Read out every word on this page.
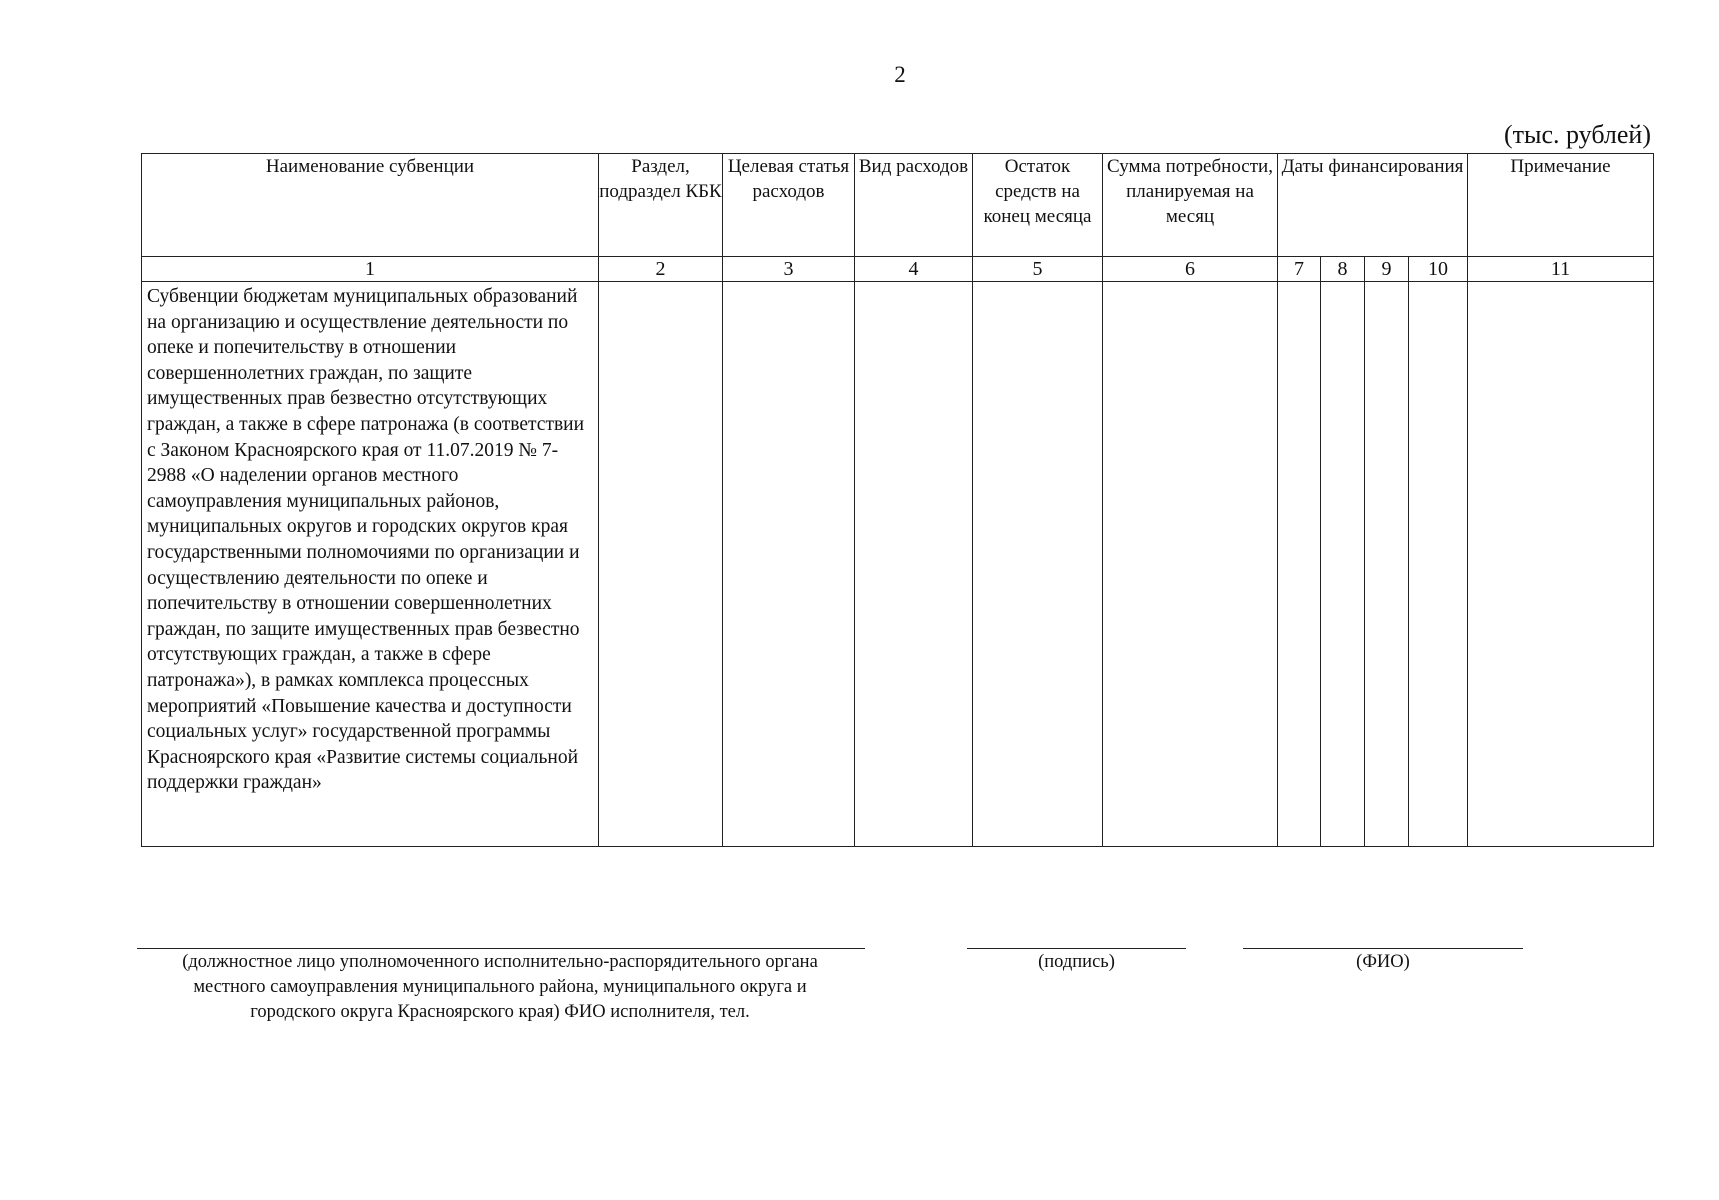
2
(тыс. рублей)
Наименование субвенции	Раздел, подраздел КБК	Целевая статья расходов	Вид расходов	Остаток средств на конец месяца	Сумма потребности, планируемая на месяц	Даты финансирования				Примечание
1	2	3	4	5	6	7	8	9	10	11
Субвенции бюджетам муниципальных образований на организацию и осуществление деятельности по опеке и попечительству в отношении совершеннолетних граждан, по защите имущественных прав безвестно отсутствующих граждан, а также в сфере патронажа (в соответствии с Законом Красноярского края от 11.07.2019 № 7-2988 «О наделении органов местного самоуправления муниципальных районов, муниципальных округов и городских округов края государственными полномочиями по организации и осуществлению деятельности по опеке и попечительству в отношении совершеннолетних граждан, по защите имущественных прав безвестно отсутствующих граждан, а также в сфере патронажа»), в рамках комплекса процессных мероприятий «Повышение качества и доступности социальных услуг» государственной программы Красноярского края «Развитие системы социальной поддержки граждан»										
(должностное лицо уполномоченного исполнительно-распорядительного органа местного самоуправления муниципального района, муниципального округа и городского округа Красноярского края) ФИО исполнителя, тел.
(подпись)	(ФИО)
